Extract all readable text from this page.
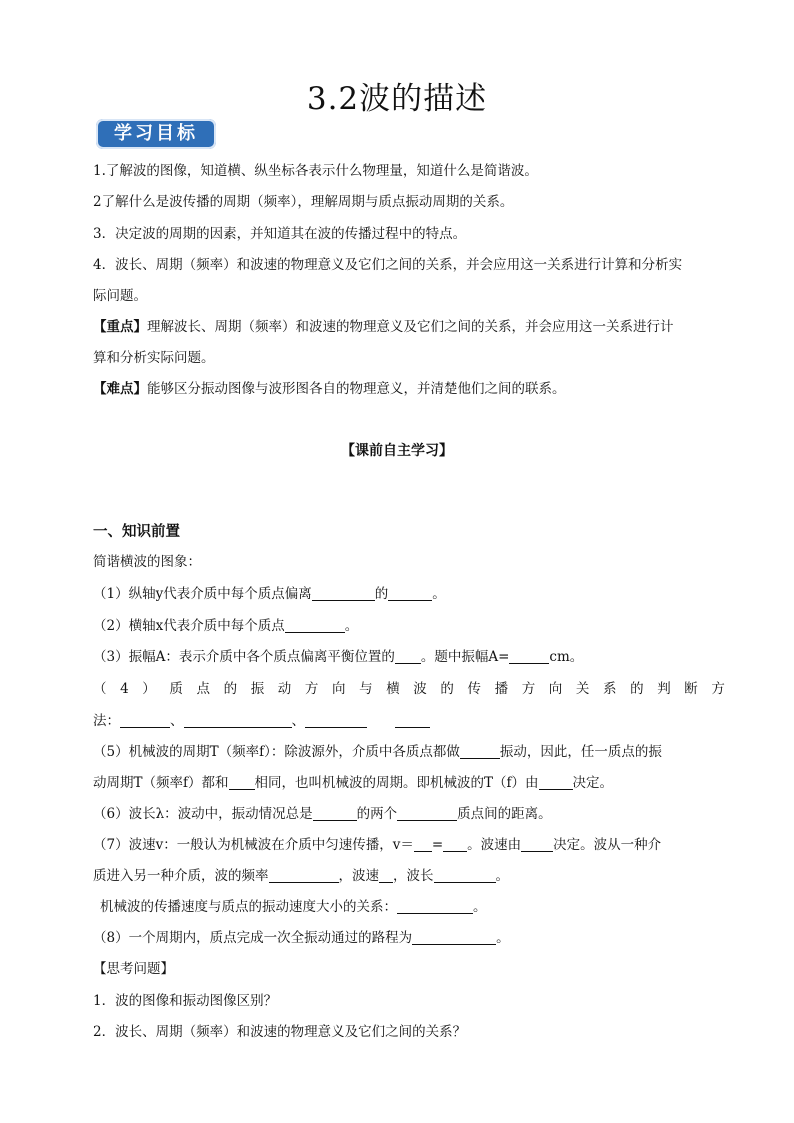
3.2波的描述
学习目标
1.了解波的图像，知道横、纵坐标各表示什么物理量，知道什么是简谐波。
2了解什么是波传播的周期（频率），理解周期与质点振动周期的关系。
3．决定波的周期的因素，并知道其在波的传播过程中的特点。
4．波长、周期（频率）和波速的物理意义及它们之间的关系，并会应用这一关系进行计算和分析实
际问题。
【重点】理解波长、周期（频率）和波速的物理意义及它们之间的关系，并会应用这一关系进行计
算和分析实际问题。
【难点】能够区分振动图像与波形图各自的物理意义，并清楚他们之间的联系。
【课前自主学习】
一、知识前置
简谐横波的图象：
（1）纵轴y代表介质中每个质点偏离	的	。
（2）横轴x代表介质中每个质点	。
（3）振幅A：表示介质中各个质点偏离平衡位置的 。题中振幅A=	cm。
（4）质点的振动方向与横波的传播方向关系的判断方
法：	、	、
（5）机械波的周期T（频率f）：除波源外，介质中各质点都做	振动，因此，任一质点的振
动周期T（频率f）都和 相同，也叫机械波的周期。即机械波的T（f）由	决定。
（6）波长λ：波动中，振动情况总是	的两个	质点间的距离。
（7）波速v：一般认为机械波在介质中匀速传播，v＝ = 。波速由 决定。波从一种介
质进入另一种介质，波的频率	，波速 ，波长	。
机械波的传播速度与质点的振动速度大小的关系：	。
（8）一个周期内，质点完成一次全振动通过的路程为	。
【思考问题】
1．波的图像和振动图像区别？
2．波长、周期（频率）和波速的物理意义及它们之间的关系？
